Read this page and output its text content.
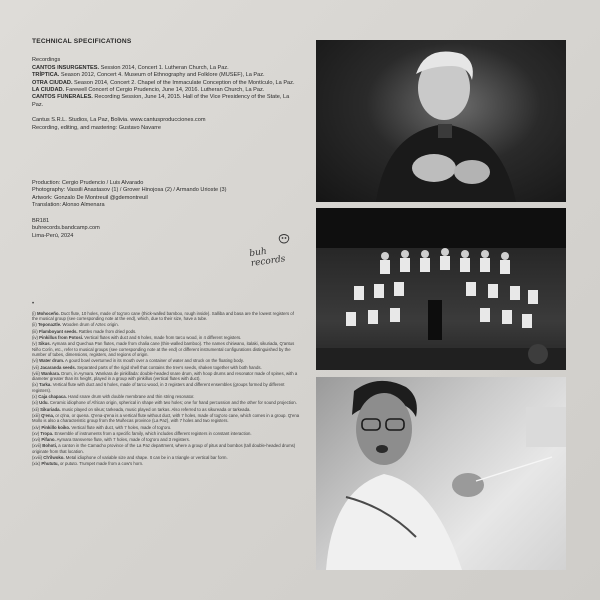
TECHNICAL SPECIFICATIONS
Recordings
CANTOS INSURGENTES. Session 2014, Concert 1. Lutheran Church, La Paz.
TRÍPTICA. Season 2012, Concert 4. Museum of Ethnography and Folklore (MUSEF), La Paz.
OTRA CIUDAD. Season 2014, Concert 2. Chapel of the Immaculate Conception of the Montículo, La Paz.
LA CIUDAD. Farewell Concert of Cergio Prudencio, June 14, 2016. Lutheran Church, La Paz.
CANTOS FUNERALES. Recording Session, June 14, 2015. Hall of the Vice Presidency of the State, La Paz.
Cantus S.R.L. Studios, La Paz, Bolivia. www.cantusproducciones.com
Recording, editing, and mastering: Gustavo Navarre
Production: Cergio Prudencio / Luis Alvarado
Photography: Vassili Anastasov (1) / Grover Hinojosa (2) / Armando Urioste (3)
Artwork: Gonzalo De Montreuil @gdemontreuil
Translation: Alonso Almenara
BR181
buhrecords.bandcamp.com
Lima-Perú, 2024
buh records
•

(i) Mohoceño. Duct flute, 10 holes, made of tog'oro cane (thick-walled bamboo, rough inside). Salliba and basa are the lowest registers of the musical group (see corresponding note at the end), which, due to their size, have a tube.

(ii) Teponaztle. Wooden drum of Aztec origin.

(iii) Flamboyant seeds. Rattles made from dried pods.

(iv) Pinkillus from Potosí. Vertical flutes with duct and 6 holes, made from tarco wood, in 4 different registers.

(v) Sikus. Aymara and Quechua Pan flutes, made from chalia cane (thin-walled bamboo). The names chiriwano, italaki, sikuriada, Q'antus Niño Corín, etc., refer to musical groups (see corresponding note at the end) or different instrumental configurations distinguished by the number of tubes, dimensions, registers, and regions of origin.

(vi) Water drum. A gourd bowl overturned in its mouth over a container of water and struck on the floating body.

(vii) Jacaranda seeds. Separated parts of the rigid shell that contains the tree's seeds, shaken together with both hands.

(viii) Wankara. Drum, in Aymara. Wankara de pinkillada: double-headed snare drum, with hoop drums and resonator made of spines, with a diameter greater than its height, played in a group with pinkillus (vertical flutes with duct).

(ix) Tarka. Vertical flute with duct and 6 holes, made of tarco wood, in 3 registers and different ensembles (groups formed by different registers).

(x) Caja chapaca. Hand snare drum with double membrane and thin string resonator.

(xi) Udu. Ceramic idiophone of African origin, spherical in shape with two holes; one for hand percussion and the other for sound projection.

(xii) Sikuriada. music played on sikus; tarkeada, music played on tarkas. Also referred to as sikureada or tarkeada.

(xiii) Q'ena, or q'ina, or quena. Q'ena-q'ena is a vertical flute without duct, with 7 holes, made of tog'oro cane, which comes in a group. Q'ena Mollo is also a characteristic group from the Muñecas province (La Paz), with 7 holes and two registers.

(xiv) Pinkillo koiko. Vertical flute with duct, with 7 holes, made of tog'oro.

(xv) Tropa. Ensemble of instruments from a specific family, which includes different registers in constant interaction.

(xvi) Pifano. Aymara transverse flute, with 7 holes, made of tog'oro and 3 registers.

(xvii) Bohoti, a canton in the Camacho province of the La Paz department, where a group of pitus and bombos (tall double-headed drums) originate from that location.

(xviii) Ch'ilwoko. Metal idiophone of variable size and shape. It can be in a triangle or vertical bar form.

(xix) Phututu, or pututo. Trumpet made from a cow's horn.
